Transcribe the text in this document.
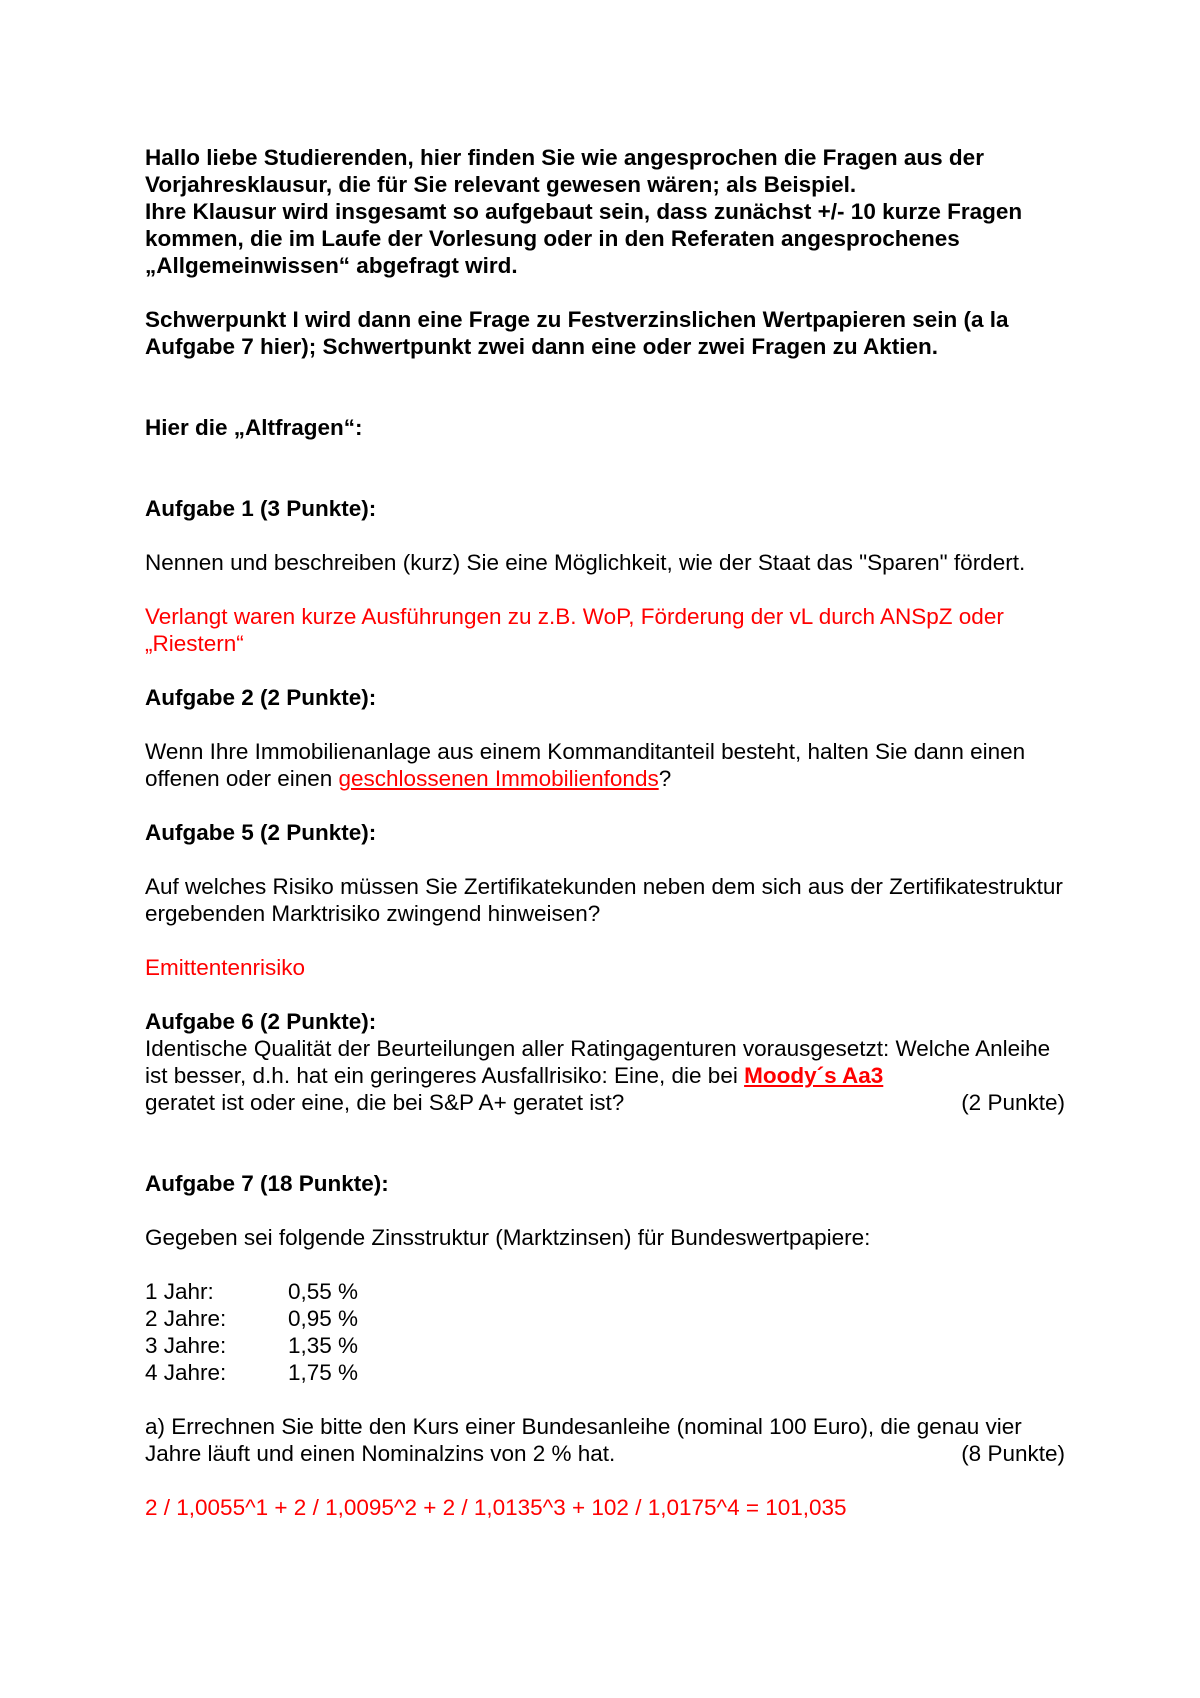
Hallo liebe Studierenden, hier finden Sie wie angesprochen die Fragen aus der Vorjahresklausur, die für Sie relevant gewesen wären; als Beispiel.

Ihre Klausur wird insgesamt so aufgebaut sein, dass zunächst +/- 10 kurze Fragen kommen, die im Laufe der Vorlesung oder in den Referaten angesprochenes „Allgemeinwissen“ abgefragt wird.

Schwerpunkt I wird dann eine Frage zu Festverzinslichen Wertpapieren sein (a la Aufgabe 7 hier); Schwertpunkt zwei dann eine oder zwei Fragen zu Aktien.

Hier die „Altfragen“:

Aufgabe 1 (3 Punkte):

Nennen und beschreiben (kurz) Sie eine Möglichkeit, wie der Staat das "Sparen" fördert.

Verlangt waren kurze Ausführungen zu z.B. WoP, Förderung der vL durch ANSpZ oder „Riestern“

Aufgabe 2 (2 Punkte):

Wenn Ihre Immobilienanlage aus einem Kommanditanteil besteht, halten Sie dann einen offenen oder einen geschlossenen Immobilienfonds?

Aufgabe 5 (2 Punkte):

Auf welches Risiko müssen Sie Zertifikatekunden neben dem sich aus der Zertifikatestruktur ergebenden Marktrisiko zwingend hinweisen?

Emittentenrisiko

Aufgabe 6 (2 Punkte):

Identische Qualität der Beurteilungen aller Ratingagenturen vorausgesetzt: Welche Anleihe ist besser, d.h. hat ein geringeres Ausfallrisiko: Eine, die bei Moody´s Aa3

geratet ist oder eine, die bei S&P A+ geratet ist?	(2 Punkte)

Aufgabe 7 (18 Punkte):

Gegeben sei folgende Zinsstruktur (Marktzinsen) für Bundeswertpapiere:

1 Jahr:	0,55 %
2 Jahre:	0,95 %
3 Jahre:	1,35 %
4 Jahre:	1,75 %

a) Errechnen Sie bitte den Kurs einer Bundesanleihe (nominal 100 Euro), die genau vier

Jahre läuft und einen Nominalzins von 2 % hat.	(8 Punkte)

2 / 1,0055^1 + 2 / 1,0095^2 + 2 / 1,0135^3 + 102 / 1,0175^4 = 101,035
